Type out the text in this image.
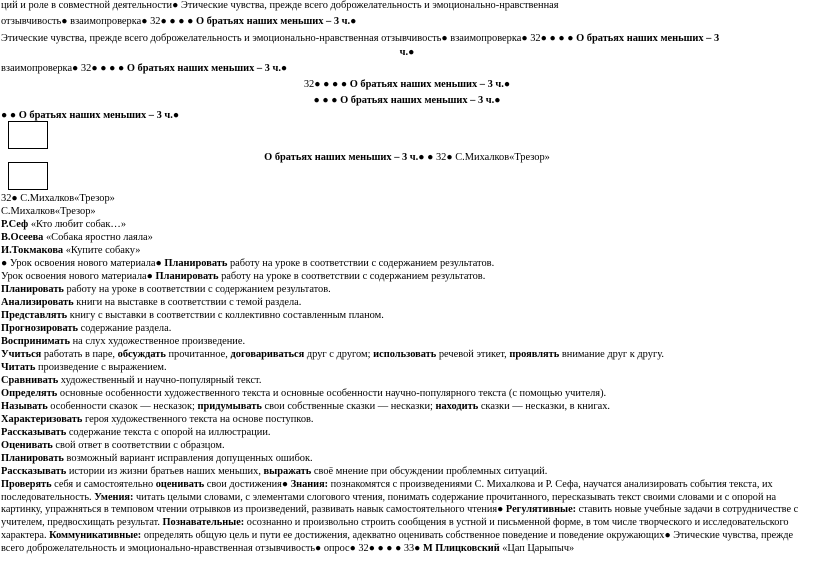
ций и роле в совместной деятельности● Этические чувства, прежде всего доброжелательность и эмоционально-нравственная
отзывчивость● взаимопроверка● 32● ● ● ● О братьях наших меньших – 3 ч.●
Этические чувства, прежде всего доброжелательность и эмоционально-нравственная отзывчивость● взаимопроверка● 32● ● ● ● О братьях наших меньших – 3
ч.●
взаимопроверка● 32● ● ● ● О братьях наших меньших – 3 ч.●
32● ● ● ● О братьях наших меньших – 3 ч.●
● ● ● О братьях наших меньших – 3 ч.●
● ● О братьях наших меньших – 3 ч.●
О братьях наших меньших – 3 ч.● ● 32● С.Михалков«Трезор»
32● С.Михалков«Трезор»
С.Михалков«Трезор»
Р.Сеф «Кто любит собак…»
В.Осеева «Собака яростно лаяла»
И.Токмакова «Купите собаку»
● Урок освоения нового материала● Планировать работу на уроке в соответствии с содержанием результатов.
Урок освоения нового материала● Планировать работу на уроке в соответствии с содержанием результатов.
Планировать работу на уроке в соответствии с содержанием результатов.
Анализировать книги на выставке в соответствии с темой раздела.
Представлять книгу с выставки в соответствии с коллективно составленным планом.
Прогнозировать содержание раздела.
Воспринимать на слух художественное произведение.
Учиться работать в паре, обсуждать прочитанное, договариваться друг с другом; использовать речевой этикет, проявлять внимание друг к другу.
Читать произведение с выражением.
Сравнивать художественный и научно-популярный текст.
Определять основные особенности художественного текста и основные особенности научно-популярного текста (с помощью учителя).
Называть особенности сказок — несказок; придумывать свои собственные сказки — несказки; находить сказки — несказки, в книгах.
Характеризовать героя художественного текста на основе поступков.
Рассказывать содержание текста с опорой на иллюстрации.
Оценивать свой ответ в соответствии с образцом.
Планировать возможный вариант исправления допущенных ошибок.
Рассказывать истории из жизни братьев наших меньших, выражать своё мнение при обсуждении проблемных ситуаций.
Проверять себя и самостоятельно оценивать свои достижения● Знания: познакомятся с произведениями С. Михалкова и Р. Сефа, научатся анализировать события текста, их последовательность. Умения: читать целыми словами, с элементами слогового чтения, понимать содержание прочитанного, пересказывать текст своими словами и с опорой на картинку, упражняться в темповом чтении отрывков из произведений, развивать навык самостоятельного чтения● Регулятивные: ставить новые учебные задачи в сотрудничестве с учителем, предвосхищать результат. Познавательные: осознанно и произвольно строить сообщения в устной и письменной форме, в том числе творческого и исследовательского характера. Коммуникативные: определять общую цель и пути ее достижения, адекватно оценивать собственное поведение и поведение окружающих● Этические чувства, прежде всего доброжелательность и эмоционально-нравственная отзывчивость● опрос● 32● ● ● ● 33● М Плицковский «Цап Царыпыч»
